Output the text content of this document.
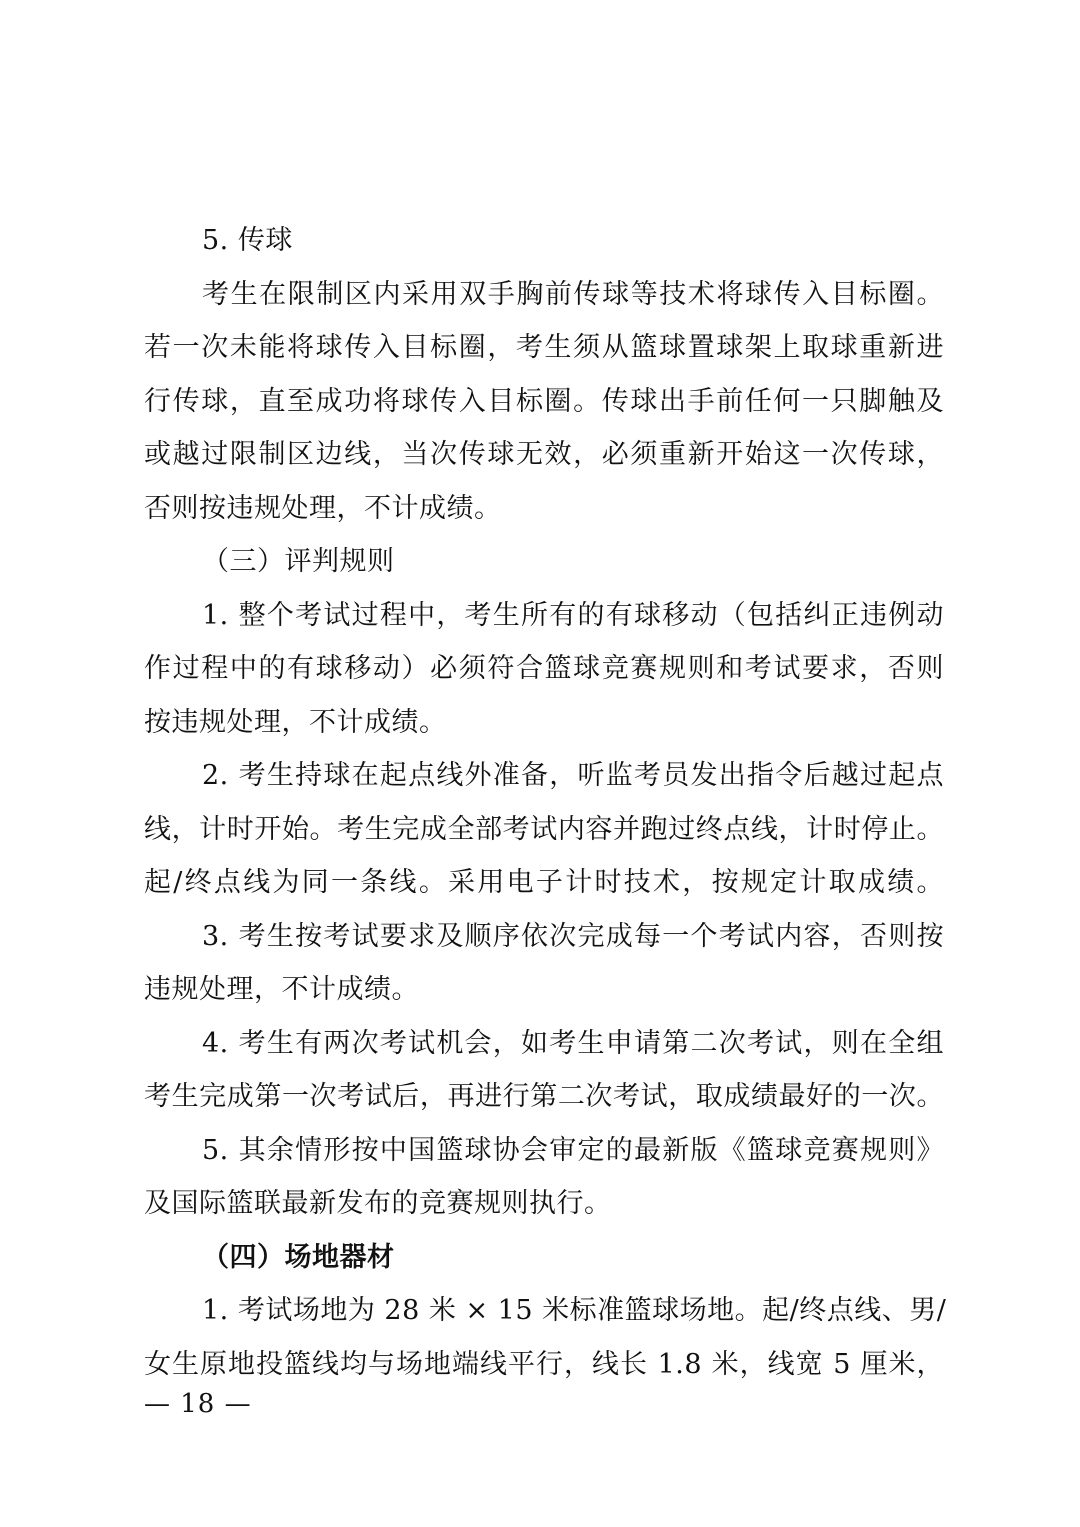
5. 传球
考生在限制区内采用双手胸前传球等技术将球传入目标圈。
若一次未能将球传入目标圈，考生须从篮球置球架上取球重新进
行传球，直至成功将球传入目标圈。传球出手前任何一只脚触及
或越过限制区边线，当次传球无效，必须重新开始这一次传球，
否则按违规处理，不计成绩。
（三）评判规则
1. 整个考试过程中，考生所有的有球移动（包括纠正违例动
作过程中的有球移动）必须符合篮球竞赛规则和考试要求，否则
按违规处理，不计成绩。
2. 考生持球在起点线外准备，听监考员发出指令后越过起点
线，计时开始。考生完成全部考试内容并跑过终点线，计时停止。
起/终点线为同一条线。采用电子计时技术，按规定计取成绩。
3. 考生按考试要求及顺序依次完成每一个考试内容，否则按
违规处理，不计成绩。
4. 考生有两次考试机会，如考生申请第二次考试，则在全组
考生完成第一次考试后，再进行第二次考试，取成绩最好的一次。
5. 其余情形按中国篮球协会审定的最新版《篮球竞赛规则》
及国际篮联最新发布的竞赛规则执行。
（四）场地器材
1. 考试场地为 28 米 × 15 米标准篮球场地。起/终点线、男/
女生原地投篮线均与场地端线平行，线长 1.8 米，线宽 5 厘米，
— 18 —
